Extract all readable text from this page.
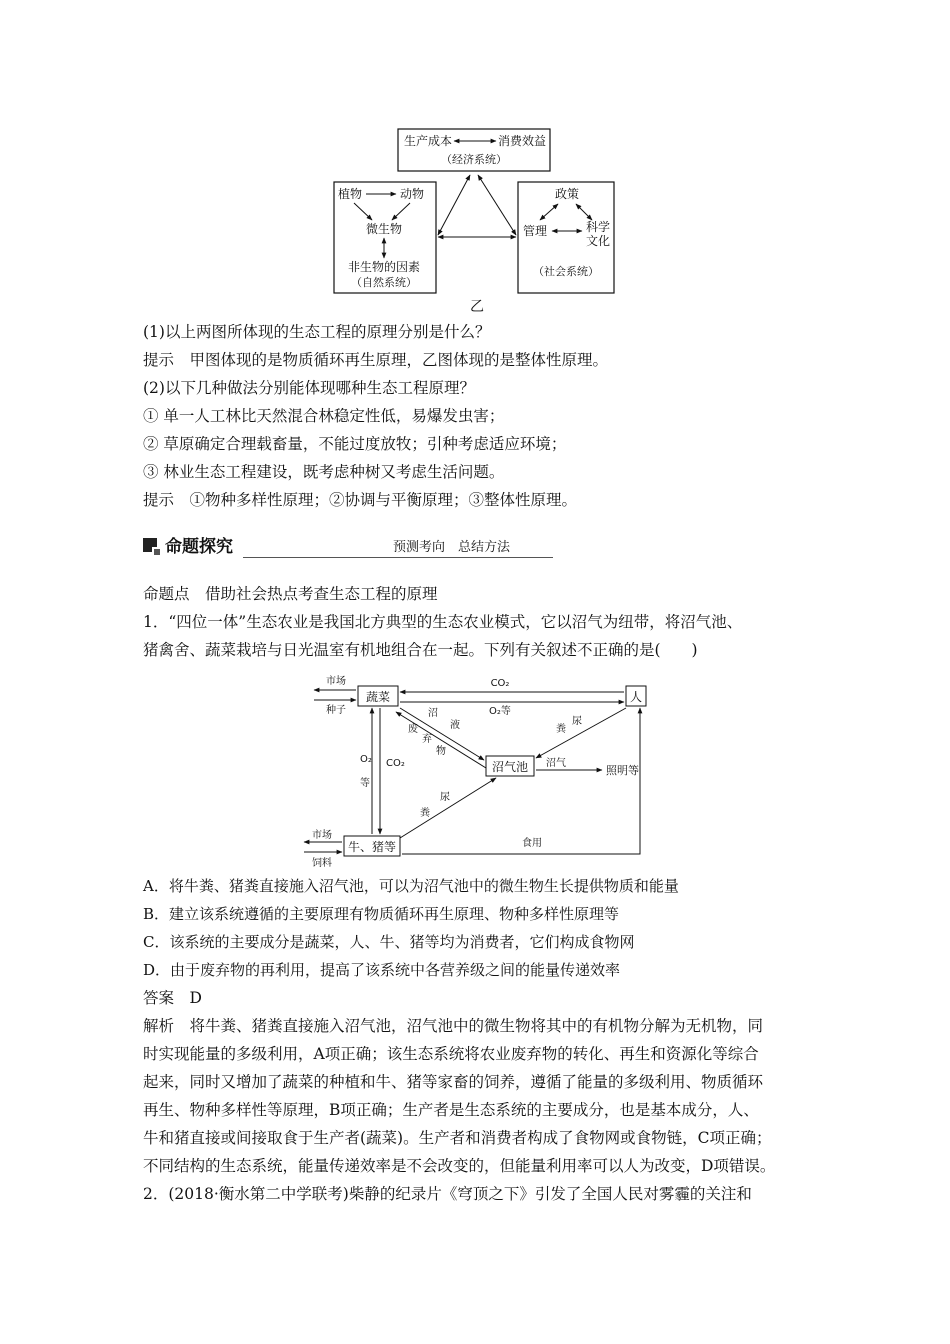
生产成本	消费效益
（经济系统）
植物	动物
微生物
非生物的因素
（自然系统）
政策
管理	科学
文化
（社会系统）
乙
(1)以上两图所体现的生态工程的原理分别是什么？
提示　甲图体现的是物质循环再生原理，乙图体现的是整体性原理。
(2)以下几种做法分别能体现哪种生态工程原理？
① 单一人工林比天然混合林稳定性低，易爆发虫害；
② 草原确定合理载畜量，不能过度放牧；引种考虑适应环境；
③ 林业生态工程建设，既考虑种树又考虑生活问题。
提示　①物种多样性原理；②协调与平衡原理；③整体性原理。
命题探究	预测考向　总结方法
命题点　借助社会热点考查生态工程的原理
1．“四位一体”生态农业是我国北方典型的生态农业模式，它以沼气为纽带，将沼气池、
猪禽舍、蔬菜栽培与日光温室有机地组合在一起。下列有关叙述不正确的是(　　)
蔬菜	人
沼气池
牛、猪等
市场
种子
CO₂
O₂等
沼
液
废
弃
物
尿
粪
O₂
等
CO₂
尿
粪
沼气
照明等
食用
市场
饲料
A．将牛粪、猪粪直接施入沼气池，可以为沼气池中的微生物生长提供物质和能量
B．建立该系统遵循的主要原理有物质循环再生原理、物种多样性原理等
C．该系统的主要成分是蔬菜，人、牛、猪等均为消费者，它们构成食物网
D．由于废弃物的再利用，提高了该系统中各营养级之间的能量传递效率
答案　D
解析　将牛粪、猪粪直接施入沼气池，沼气池中的微生物将其中的有机物分解为无机物，同
时实现能量的多级利用，A项正确；该生态系统将农业废弃物的转化、再生和资源化等综合
起来，同时又增加了蔬菜的种植和牛、猪等家畜的饲养，遵循了能量的多级利用、物质循环
再生、物种多样性等原理，B项正确；生产者是生态系统的主要成分，也是基本成分，人、
牛和猪直接或间接取食于生产者(蔬菜)。生产者和消费者构成了食物网或食物链，C项正确；
不同结构的生态系统，能量传递效率是不会改变的，但能量利用率可以人为改变，D项错误。
2．(2018·衡水第二中学联考)柴静的纪录片《穹顶之下》引发了全国人民对雾霾的关注和
